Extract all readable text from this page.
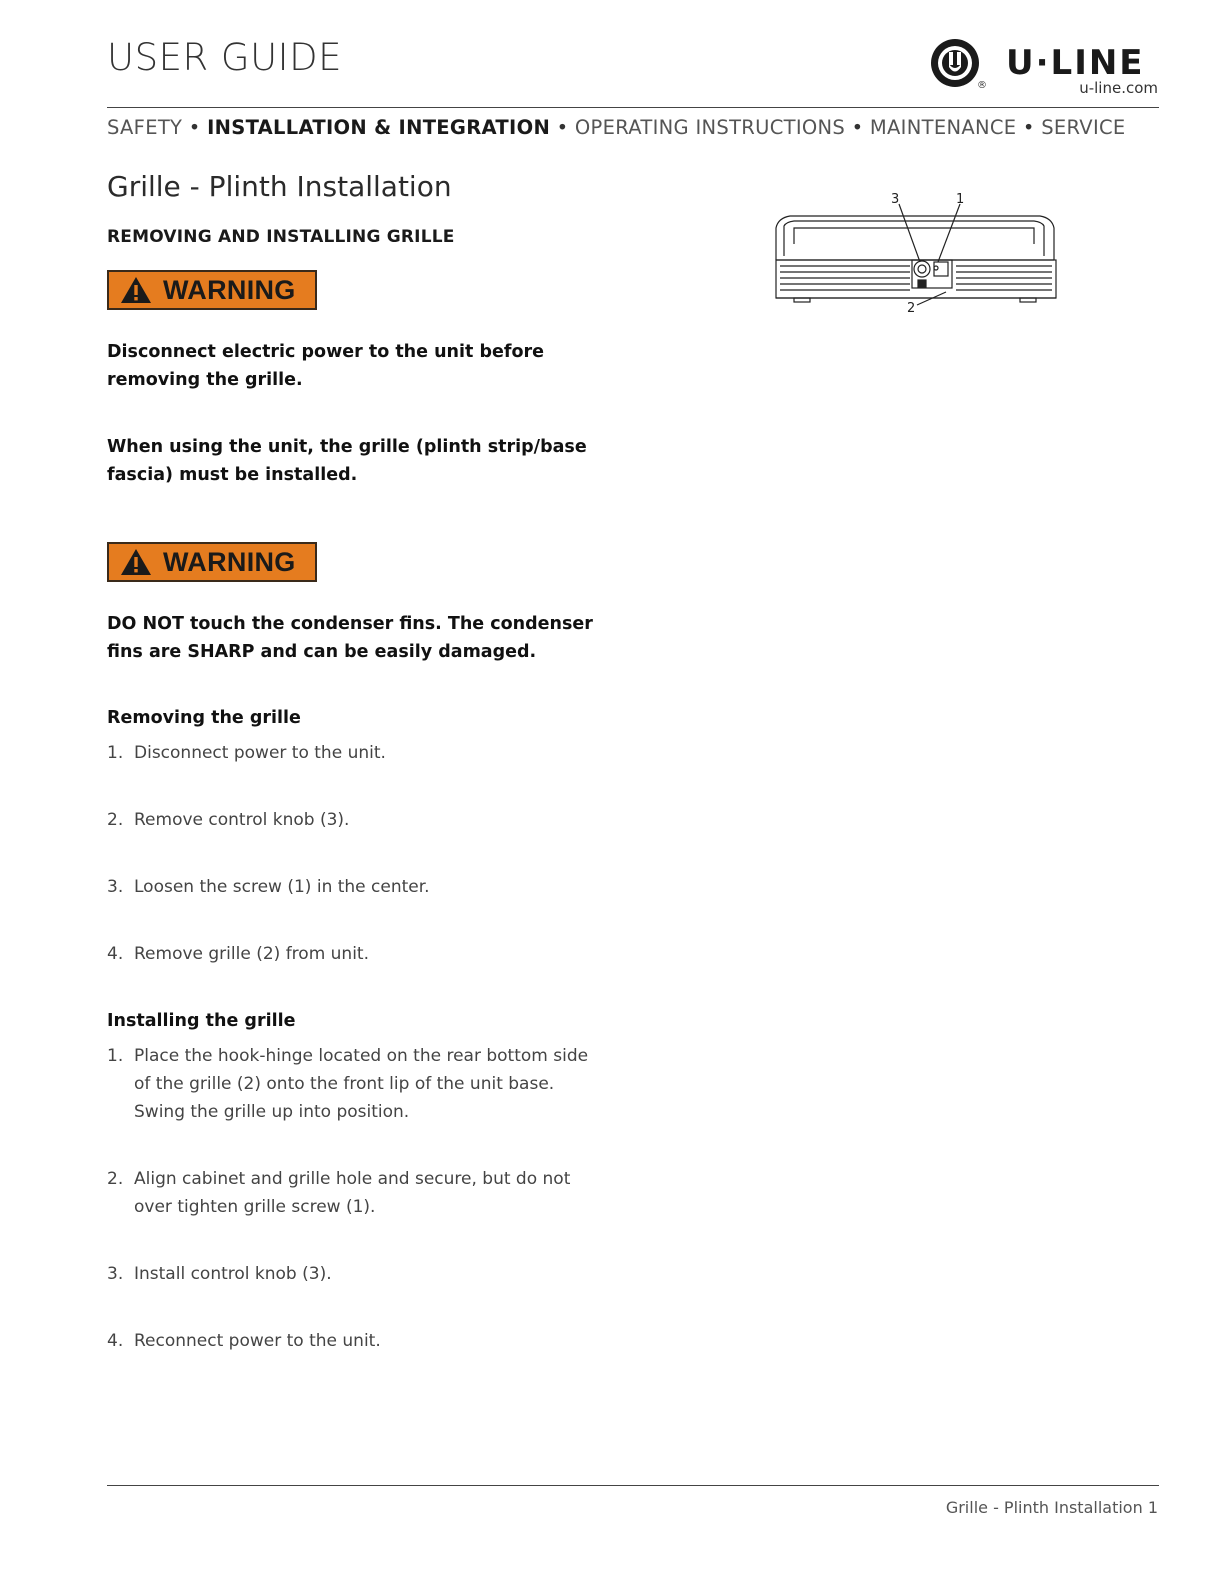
USER GUIDE
®
U·LINE
u-line.com
SAFETY • INSTALLATION & INTEGRATION • OPERATING INSTRUCTIONS • MAINTENANCE • SERVICE
Grille - Plinth Installation
REMOVING AND INSTALLING GRILLE
WARNING
Disconnect electric power to the unit before removing the grille.
When using the unit, the grille (plinth strip/base fascia) must be installed.
WARNING
DO NOT touch the condenser fins. The condenser fins are SHARP and can be easily damaged.
Removing the grille
1. Disconnect power to the unit.
2. Remove control knob (3).
3. Loosen the screw (1) in the center.
4. Remove grille (2) from unit.
Installing the grille
1. Place the hook-hinge located on the rear bottom side of the grille (2) onto the front lip of the unit base. Swing the grille up into position.
2. Align cabinet and grille hole and secure, but do not over tighten grille screw (1).
3. Install control knob (3).
4. Reconnect power to the unit.
3	1
2
Grille - Plinth Installation 1
